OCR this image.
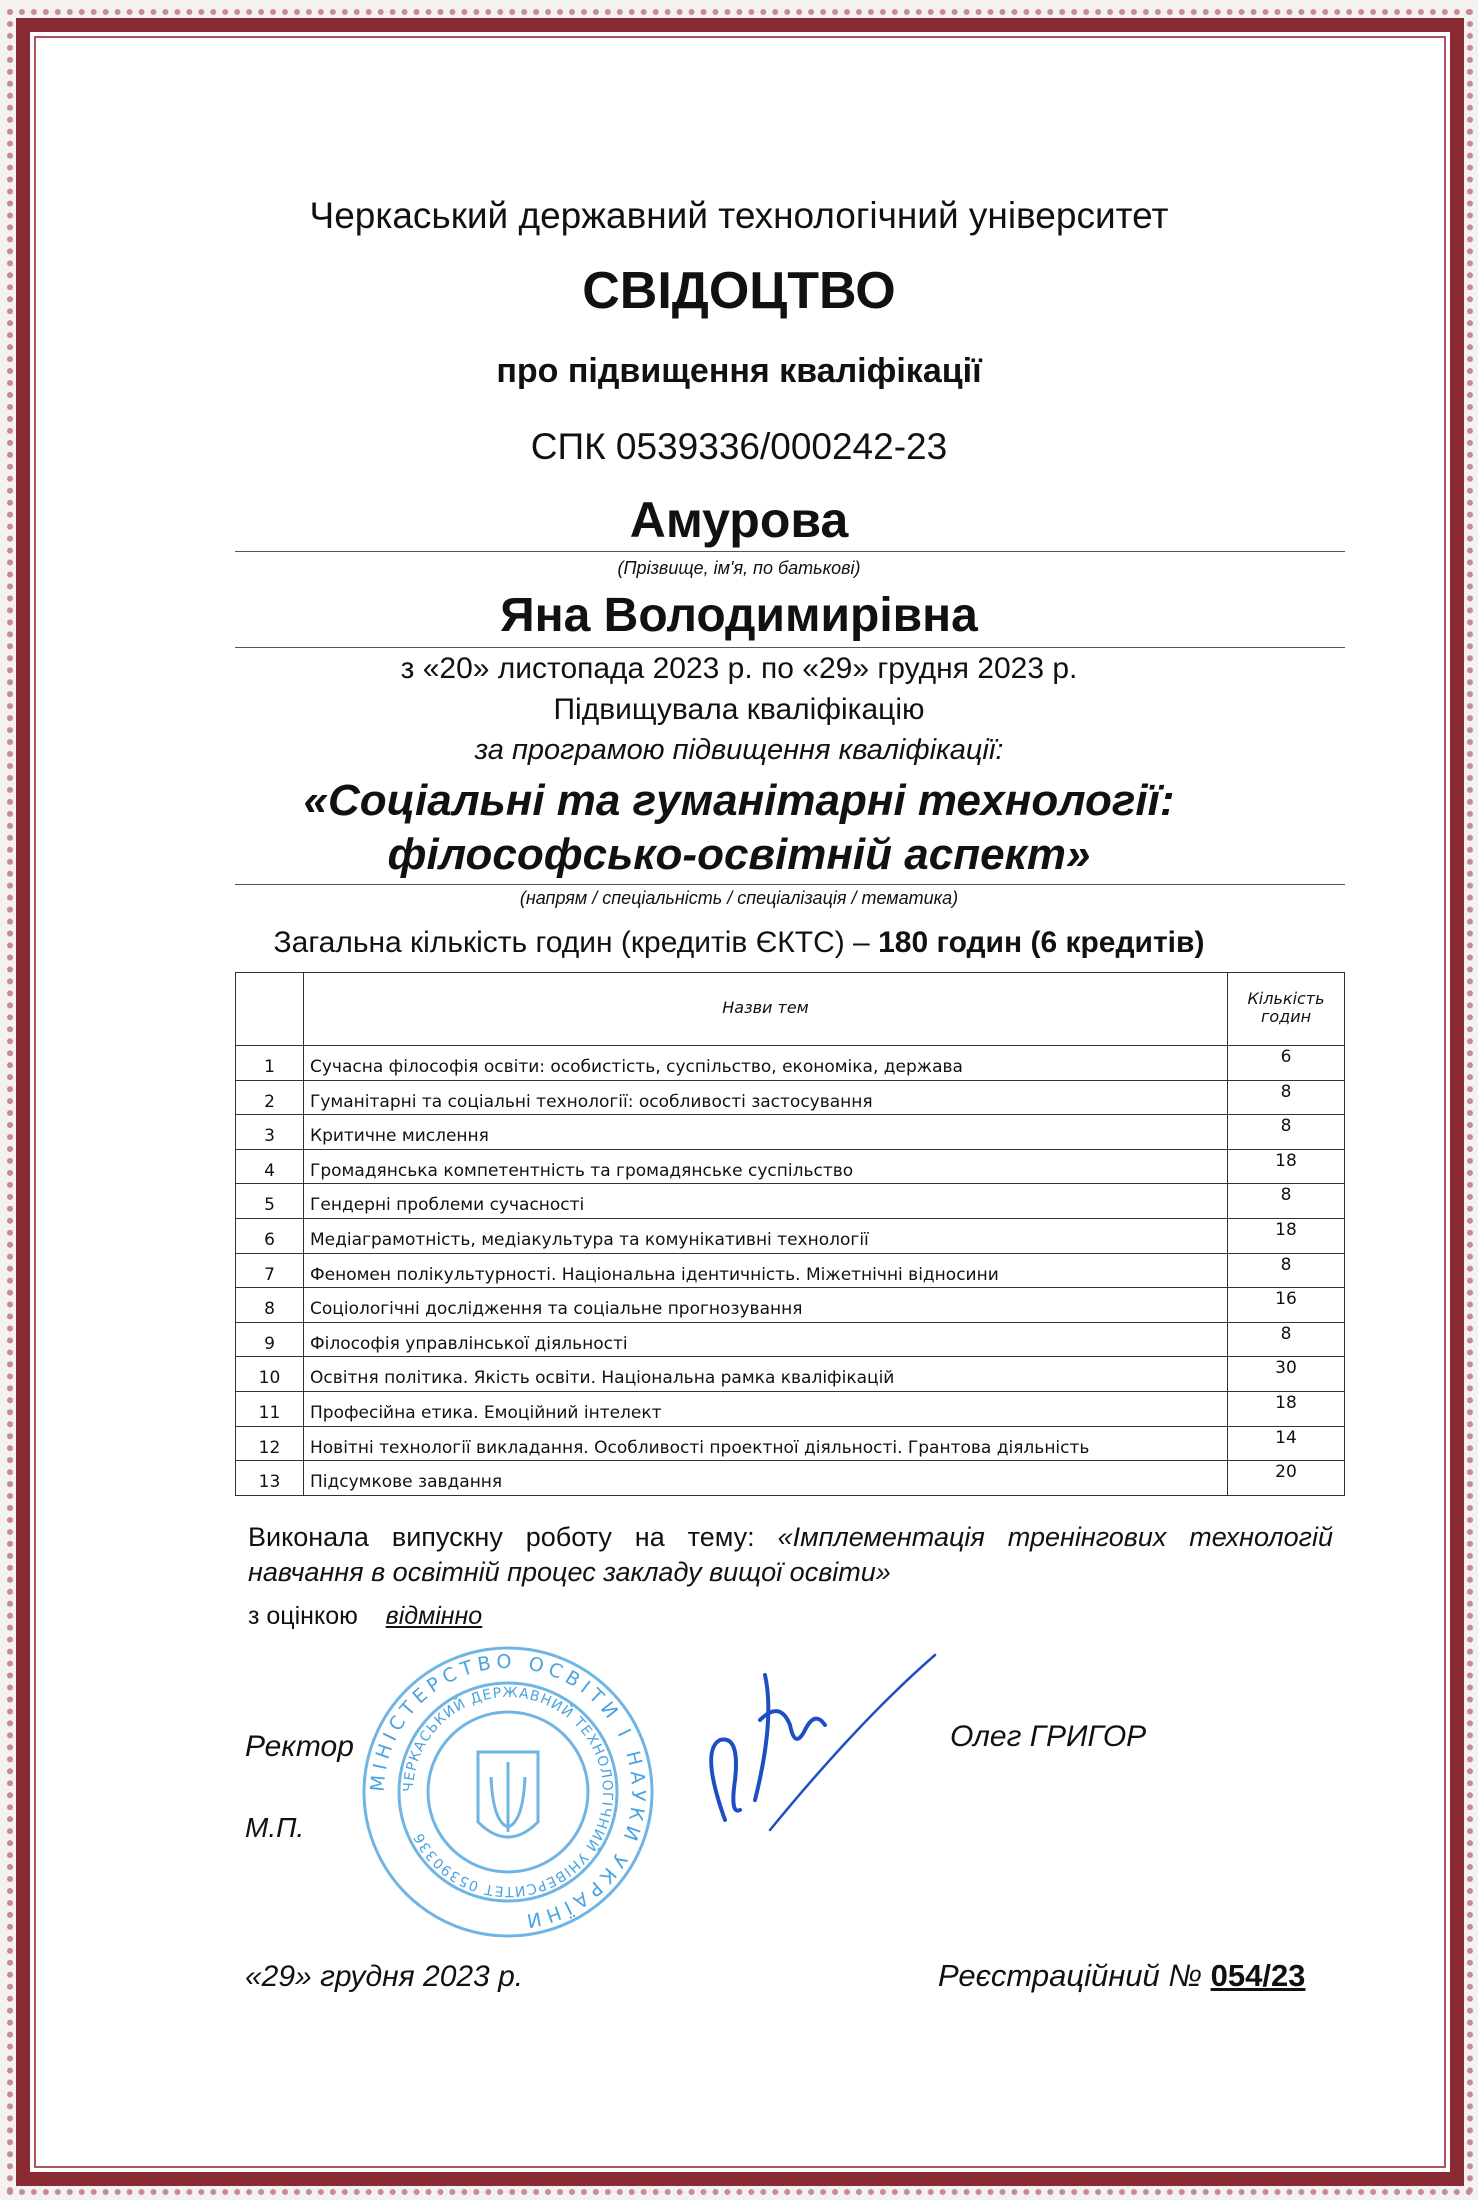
Черкаський державний технологічний університет
СВІДОЦТВО
про підвищення кваліфікації
СПК 0539336/000242-23
Амурова
(Прізвище, ім'я, по батькові)
Яна Володимирівна
з «20» листопада 2023 р. по «29» грудня 2023 р.
Підвищувала кваліфікацію
за програмою підвищення кваліфікації:
«Соціальні та гуманітарні технології:
філософсько-освітній аспект»
(напрям / спеціальність / спеціалізація / тематика)
Загальна кількість годин (кредитів ЄКТС) – 180 годин (6 кредитів)
	Назви тем	Кількість годин
1	Сучасна філософія освіти: особистість, суспільство, економіка, держава	6
2	Гуманітарні та соціальні технології: особливості застосування	8
3	Критичне мислення	8
4	Громадянська компетентність та громадянське суспільство	18
5	Гендерні проблеми сучасності	8
6	Медіаграмотність, медіакультура та комунікативні технології	18
7	Феномен полікультурності. Національна ідентичність. Міжетнічні відносини	8
8	Соціологічні дослідження та соціальне прогнозування	16
9	Філософія управлінської діяльності	8
10	Освітня політика. Якість освіти. Національна рамка кваліфікацій	30
11	Професійна етика. Емоційний інтелект	18
12	Новітні технології викладання. Особливості проектної діяльності. Грантова діяльність	14
13	Підсумкове завдання	20
Виконала випускну роботу на тему: «Імплементація тренінгових технологій
навчання в освітній процес закладу вищої освіти»
з оцінкою відмінно
МІНІСТЕРСТВО ОСВІТИ І НАУКИ УКРАЇНИ
ЧЕРКАСЬКИЙ ДЕРЖАВНИЙ ТЕХНОЛОГІЧНИЙ УНІВЕРСИТЕТ 05390336
Ректор
М.П.
«29» грудня 2023 р.
Олег ГРИГОР
Реєстраційний № 054/23
